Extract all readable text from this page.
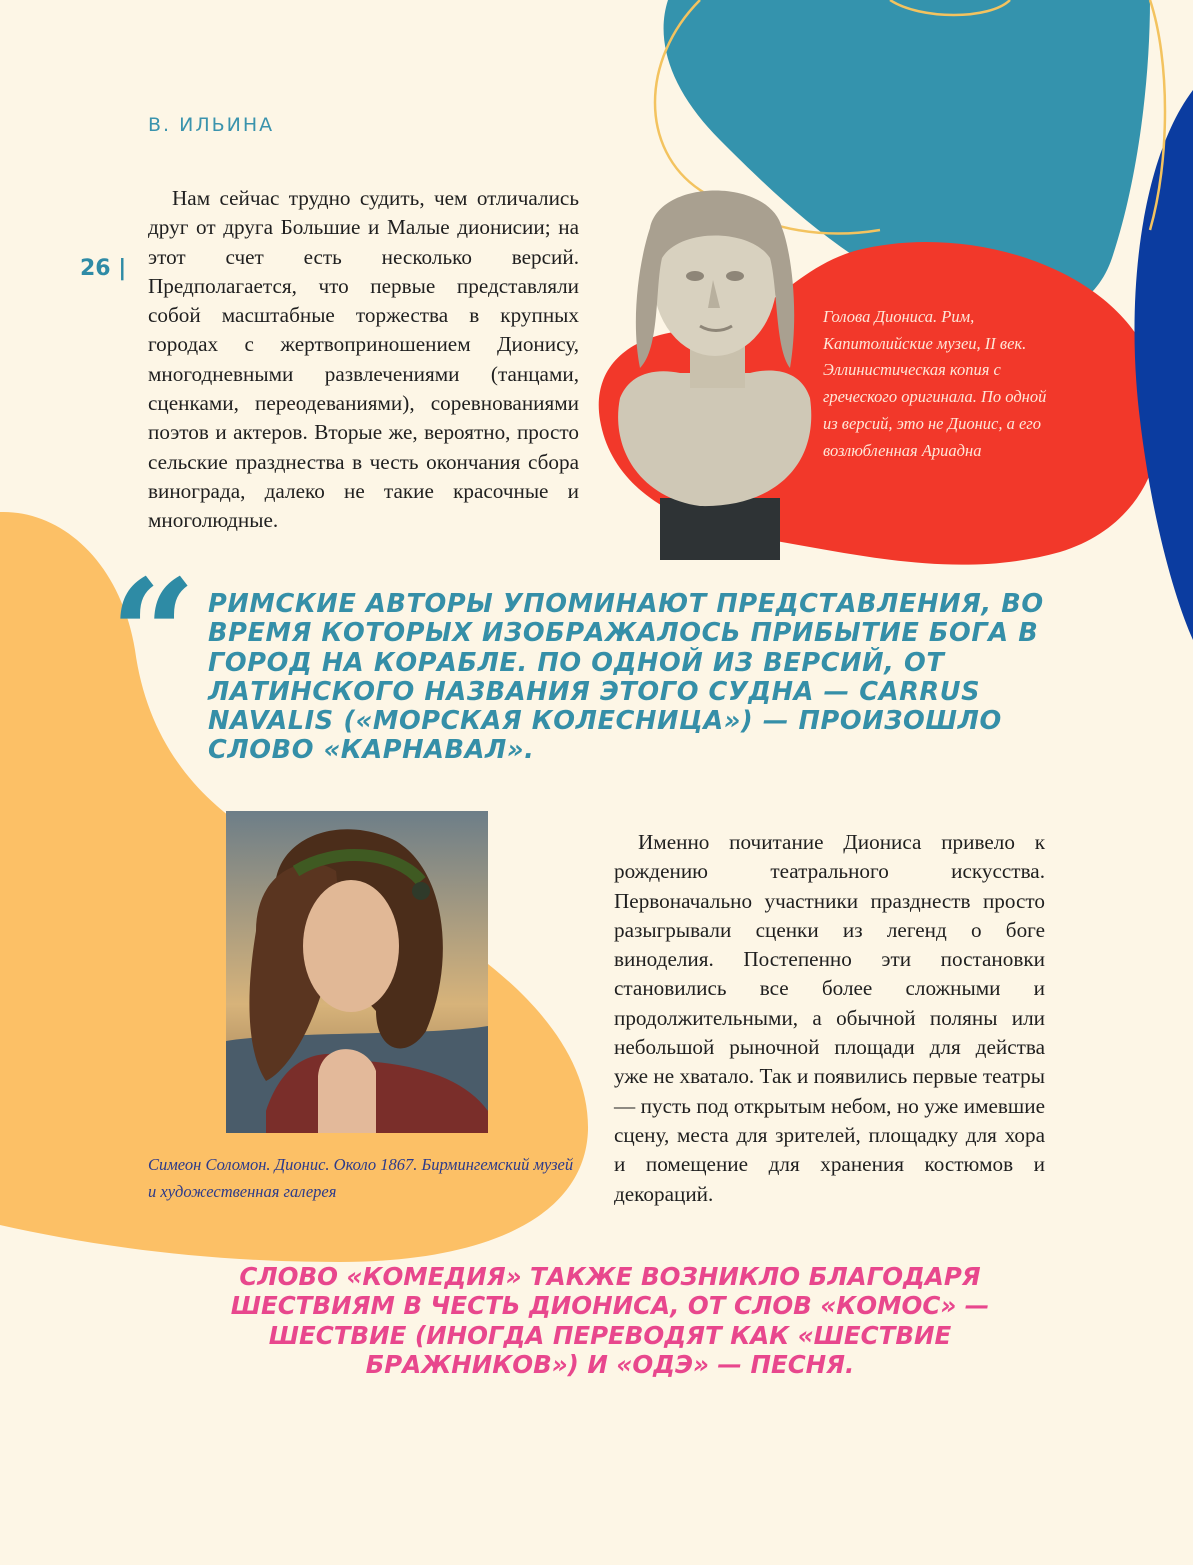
В. ИЛЬИНА
26 |

Нам сейчас трудно судить, чем отличались друг от друга Большие и Малые дионисии; на этот счет есть несколько версий. Предполагается, что первые представляли собой масштабные торжества в крупных городах с жертвоприношением Дионису, многодневными развлечениями (танцами, сценками, переодеваниями), соревнованиями поэтов и актеров. Вторые же, вероятно, просто сельские празднества в честь окончания сбора винограда, далеко не такие красочные и многолюдные.

Голова Диониса. Рим, Капитолийские музеи, II век. Эллинистическая копия с греческого оригинала. По одной из версий, это не Дионис, а его возлюбленная Ариадна

“ РИМСКИЕ АВТОРЫ УПОМИНАЮТ ПРЕДСТАВЛЕНИЯ, ВО ВРЕМЯ КОТОРЫХ ИЗОБРАЖАЛОСЬ ПРИБЫТИЕ БОГА В ГОРОД НА КОРАБЛЕ. ПО ОДНОЙ ИЗ ВЕРСИЙ, ОТ ЛАТИНСКОГО НАЗВАНИЯ ЭТОГО СУДНА — CARRUS NAVALIS («МОРСКАЯ КОЛЕСНИЦА») — ПРОИЗОШЛО СЛОВО «КАРНАВАЛ».

Симеон Соломон. Дионис. Около 1867. Бирмингемский музей и художественная галерея

Именно почитание Диониса привело к рождению театрального искусства. Первоначально участники празднеств просто разыгрывали сценки из легенд о боге виноделия. Постепенно эти постановки становились все более сложными и продолжительными, а обычной поляны или небольшой рыночной площади для действа уже не хватало. Так и появились первые театры — пусть под открытым небом, но уже имевшие сцену, места для зрителей, площадку для хора и помещение для хранения костюмов и декораций.

СЛОВО «КОМЕДИЯ» ТАКЖЕ ВОЗНИКЛО БЛАГОДАРЯ ШЕСТВИЯМ В ЧЕСТЬ ДИОНИСА, ОТ СЛОВ «КОМОС» — ШЕСТВИЕ (ИНОГДА ПЕРЕВОДЯТ КАК «ШЕСТВИЕ БРАЖНИКОВ») И «ОДЭ» — ПЕСНЯ.
